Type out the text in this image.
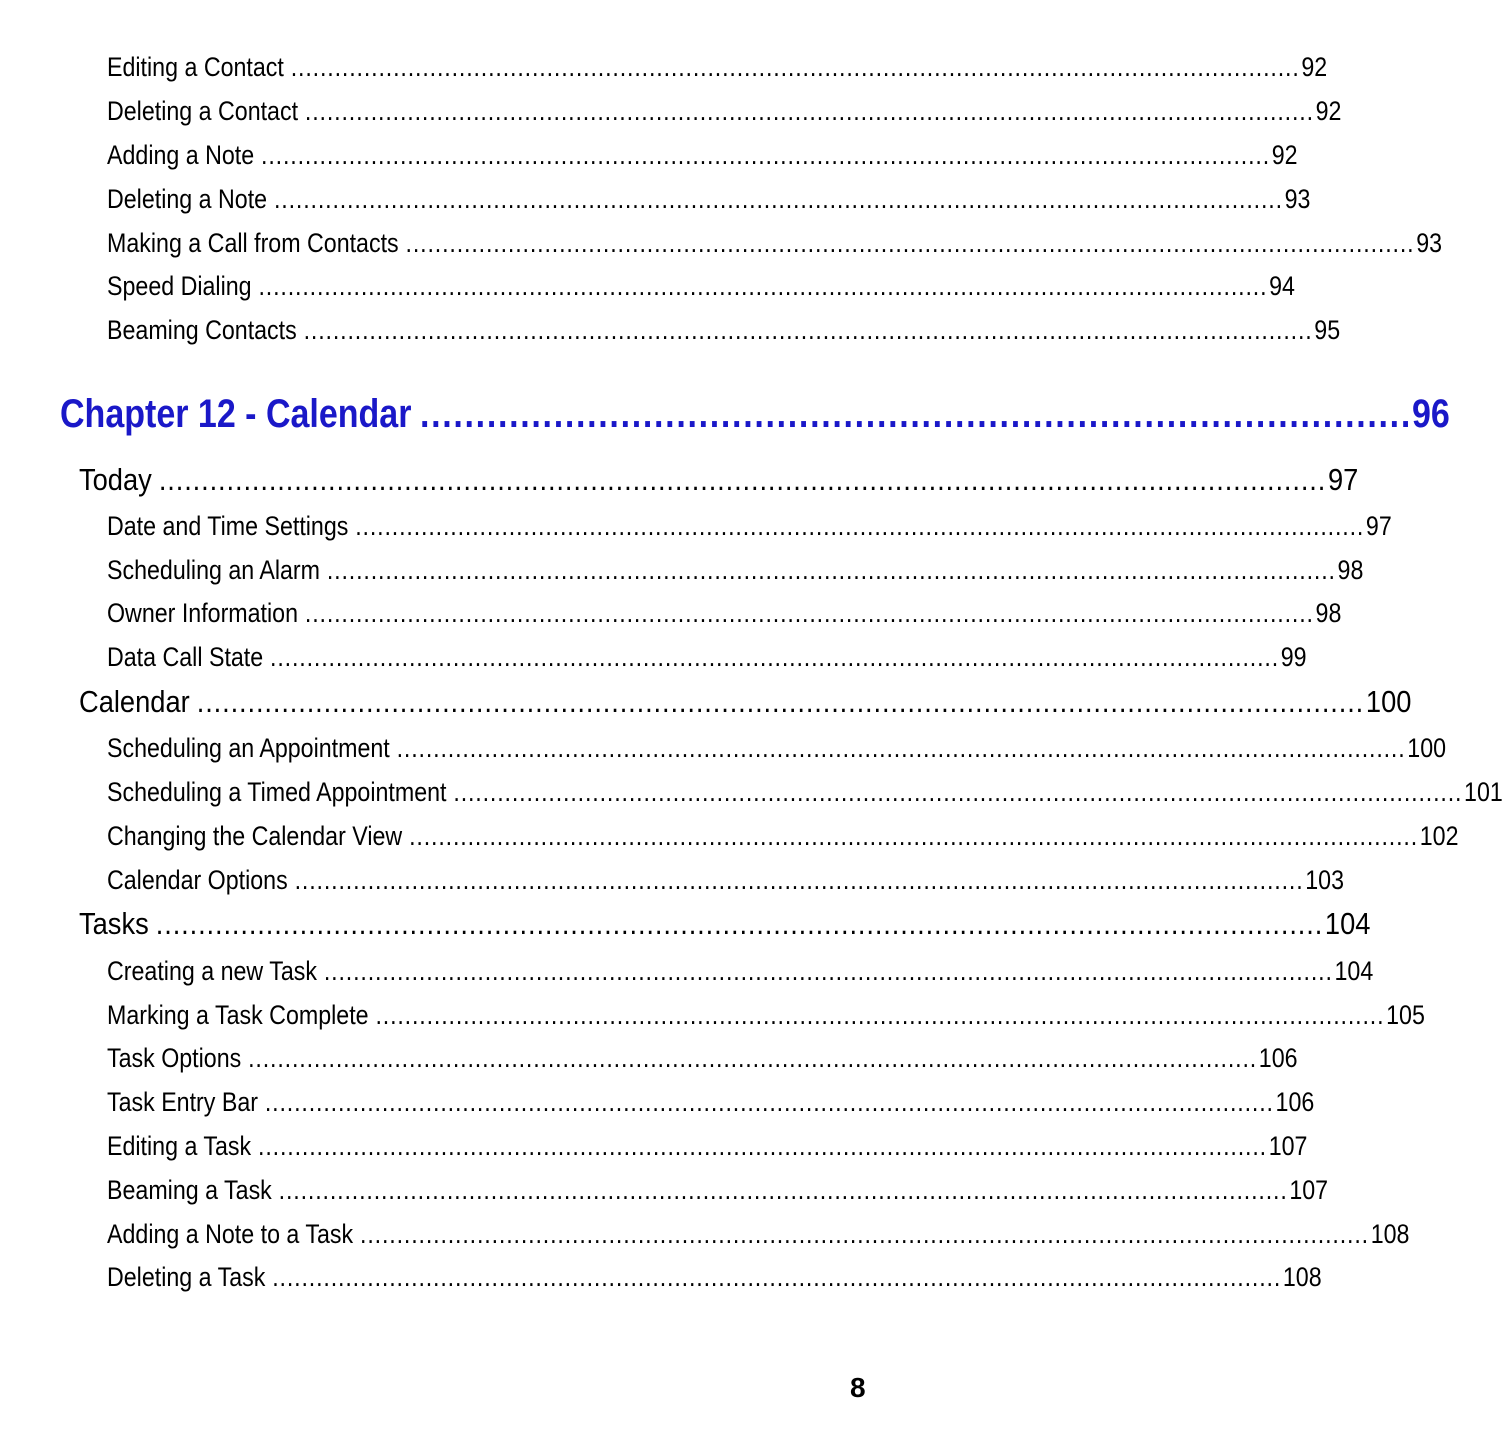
Editing a Contact .......................................................................................................................................... 92
Deleting a Contact .......................................................................................................................................... 92
Adding a Note .......................................................................................................................................... 92
Deleting a Note .......................................................................................................................................... 93
Making a Call from Contacts .......................................................................................................................................... 93
Speed Dialing .......................................................................................................................................... 94
Beaming Contacts .......................................................................................................................................... 95
Chapter 12 - Calendar ......................................................................................... 96
Today .......................................................................................................................................... 97
Date and Time Settings .......................................................................................................................................... 97
Scheduling an Alarm .......................................................................................................................................... 98
Owner Information .......................................................................................................................................... 98
Data Call State .......................................................................................................................................... 99
Calendar .......................................................................................................................................... 100
Scheduling an Appointment .......................................................................................................................................... 100
Scheduling a Timed Appointment .......................................................................................................................................... 101
Changing the Calendar View .......................................................................................................................................... 102
Calendar Options .......................................................................................................................................... 103
Tasks .......................................................................................................................................... 104
Creating a new Task .......................................................................................................................................... 104
Marking a Task Complete .......................................................................................................................................... 105
Task Options .......................................................................................................................................... 106
Task Entry Bar .......................................................................................................................................... 106
Editing a Task .......................................................................................................................................... 107
Beaming a Task .......................................................................................................................................... 107
Adding a Note to a Task .......................................................................................................................................... 108
Deleting a Task .......................................................................................................................................... 108
8
